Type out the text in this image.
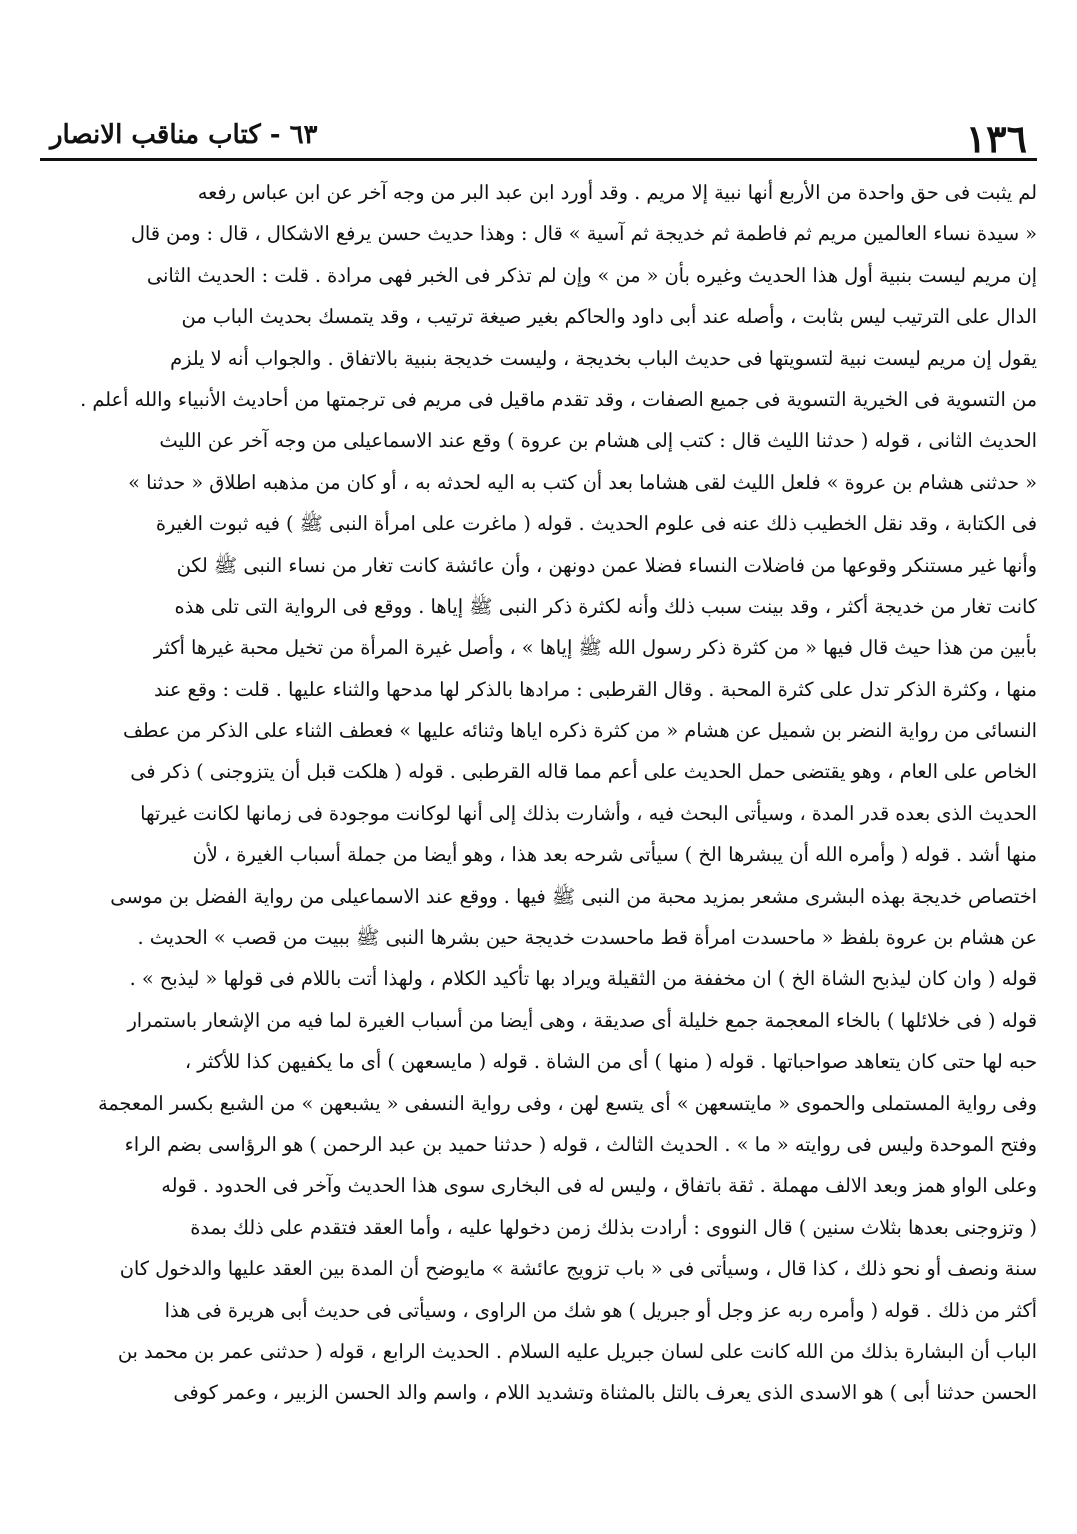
١٣٦
٦٣ - كتاب مناقب الانصار
لم يثبت فى حق واحدة من الأربع أنها نبية إلا مريم . وقد أورد ابن عبد البر من وجه آخر عن ابن عباس رفعه
« سيدة نساء العالمين مريم ثم فاطمة ثم خديجة ثم آسية » قال : وهذا حديث حسن يرفع الاشكال ، قال : ومن قال
إن مريم ليست بنبية أول هذا الحديث وغيره بأن « من » وإن لم تذكر فى الخبر فهى مرادة . قلت : الحديث الثانى
الدال على الترتيب ليس بثابت ، وأصله عند أبى داود والحاكم بغير صيغة ترتيب ، وقد يتمسك بحديث الباب من
يقول إن مريم ليست نبية لتسويتها فى حديث الباب بخديجة ، وليست خديجة بنبية بالاتفاق . والجواب أنه لا يلزم
من التسوية فى الخيرية التسوية فى جميع الصفات ، وقد تقدم ماقيل فى مريم فى ترجمتها من أحاديث الأنبياء والله أعلم .
الحديث الثانى ، قوله ( حدثنا الليث قال : كتب إلى هشام بن عروة ) وقع عند الاسماعيلى من وجه آخر عن الليث
« حدثنى هشام بن عروة » فلعل الليث لقى هشاما بعد أن كتب به اليه لحدثه به ، أو كان من مذهبه اطلاق « حدثنا »
فى الكتابة ، وقد نقل الخطيب ذلك عنه فى علوم الحديث . قوله ( ماغرت على امرأة النبى ﷺ ) فيه ثبوت الغيرة
وأنها غير مستنكر وقوعها من فاضلات النساء فضلا عمن دونهن ، وأن عائشة كانت تغار من نساء النبى ﷺ لكن
كانت تغار من خديجة أكثر ، وقد بينت سبب ذلك وأنه لكثرة ذكر النبى ﷺ إياها . ووقع فى الرواية التى تلى هذه
بأبين من هذا حيث قال فيها « من كثرة ذكر رسول الله ﷺ إياها » ، وأصل غيرة المرأة من تخيل محبة غيرها أكثر
منها ، وكثرة الذكر تدل على كثرة المحبة . وقال القرطبى : مرادها بالذكر لها مدحها والثناء عليها . قلت : وقع عند
النسائى من رواية النضر بن شميل عن هشام « من كثرة ذكره اياها وثنائه عليها » فعطف الثناء على الذكر من عطف
الخاص على العام ، وهو يقتضى حمل الحديث على أعم مما قاله القرطبى . قوله ( هلكت قبل أن يتزوجنى ) ذكر فى
الحديث الذى بعده قدر المدة ، وسيأتى البحث فيه ، وأشارت بذلك إلى أنها لوكانت موجودة فى زمانها لكانت غيرتها
منها أشد . قوله ( وأمره الله أن يبشرها الخ ) سيأتى شرحه بعد هذا ، وهو أيضا من جملة أسباب الغيرة ، لأن
اختصاص خديجة بهذه البشرى مشعر بمزيد محبة من النبى ﷺ فيها . ووقع عند الاسماعيلى من رواية الفضل بن موسى
عن هشام بن عروة بلفظ « ماحسدت امرأة قط ماحسدت خديجة حين بشرها النبى ﷺ ببيت من قصب » الحديث .
قوله ( وان كان ليذبح الشاة الخ ) ان مخففة من الثقيلة ويراد بها تأكيد الكلام ، ولهذا أتت باللام فى قولها « ليذبح » .
قوله ( فى خلائلها ) بالخاء المعجمة جمع خليلة أى صديقة ، وهى أيضا من أسباب الغيرة لما فيه من الإشعار باستمرار
حبه لها حتى كان يتعاهد صواحباتها . قوله ( منها ) أى من الشاة . قوله ( مايسعهن ) أى ما يكفيهن كذا للأكثر ،
وفى رواية المستملى والحموى « مايتسعهن » أى يتسع لهن ، وفى رواية النسفى « يشبعهن » من الشبع بكسر المعجمة
وفتح الموحدة وليس فى روايته « ما » . الحديث الثالث ، قوله ( حدثنا حميد بن عبد الرحمن ) هو الرؤاسى بضم الراء
وعلى الواو همز وبعد الالف مهملة . ثقة باتفاق ، وليس له فى البخارى سوى هذا الحديث وآخر فى الحدود . قوله
( وتزوجنى بعدها بثلاث سنين ) قال النووى : أرادت بذلك زمن دخولها عليه ، وأما العقد فتقدم على ذلك بمدة
سنة ونصف أو نحو ذلك ، كذا قال ، وسيأتى فى « باب تزويج عائشة » مايوضح أن المدة بين العقد عليها والدخول كان
أكثر من ذلك . قوله ( وأمره ربه عز وجل أو جبريل ) هو شك من الراوى ، وسيأتى فى حديث أبى هريرة فى هذا
الباب أن البشارة بذلك من الله كانت على لسان جبريل عليه السلام . الحديث الرابع ، قوله ( حدثنى عمر بن محمد بن
الحسن حدثنا أبى ) هو الاسدى الذى يعرف بالتل بالمثناة وتشديد اللام ، واسم والد الحسن الزبير ، وعمر كوفى
